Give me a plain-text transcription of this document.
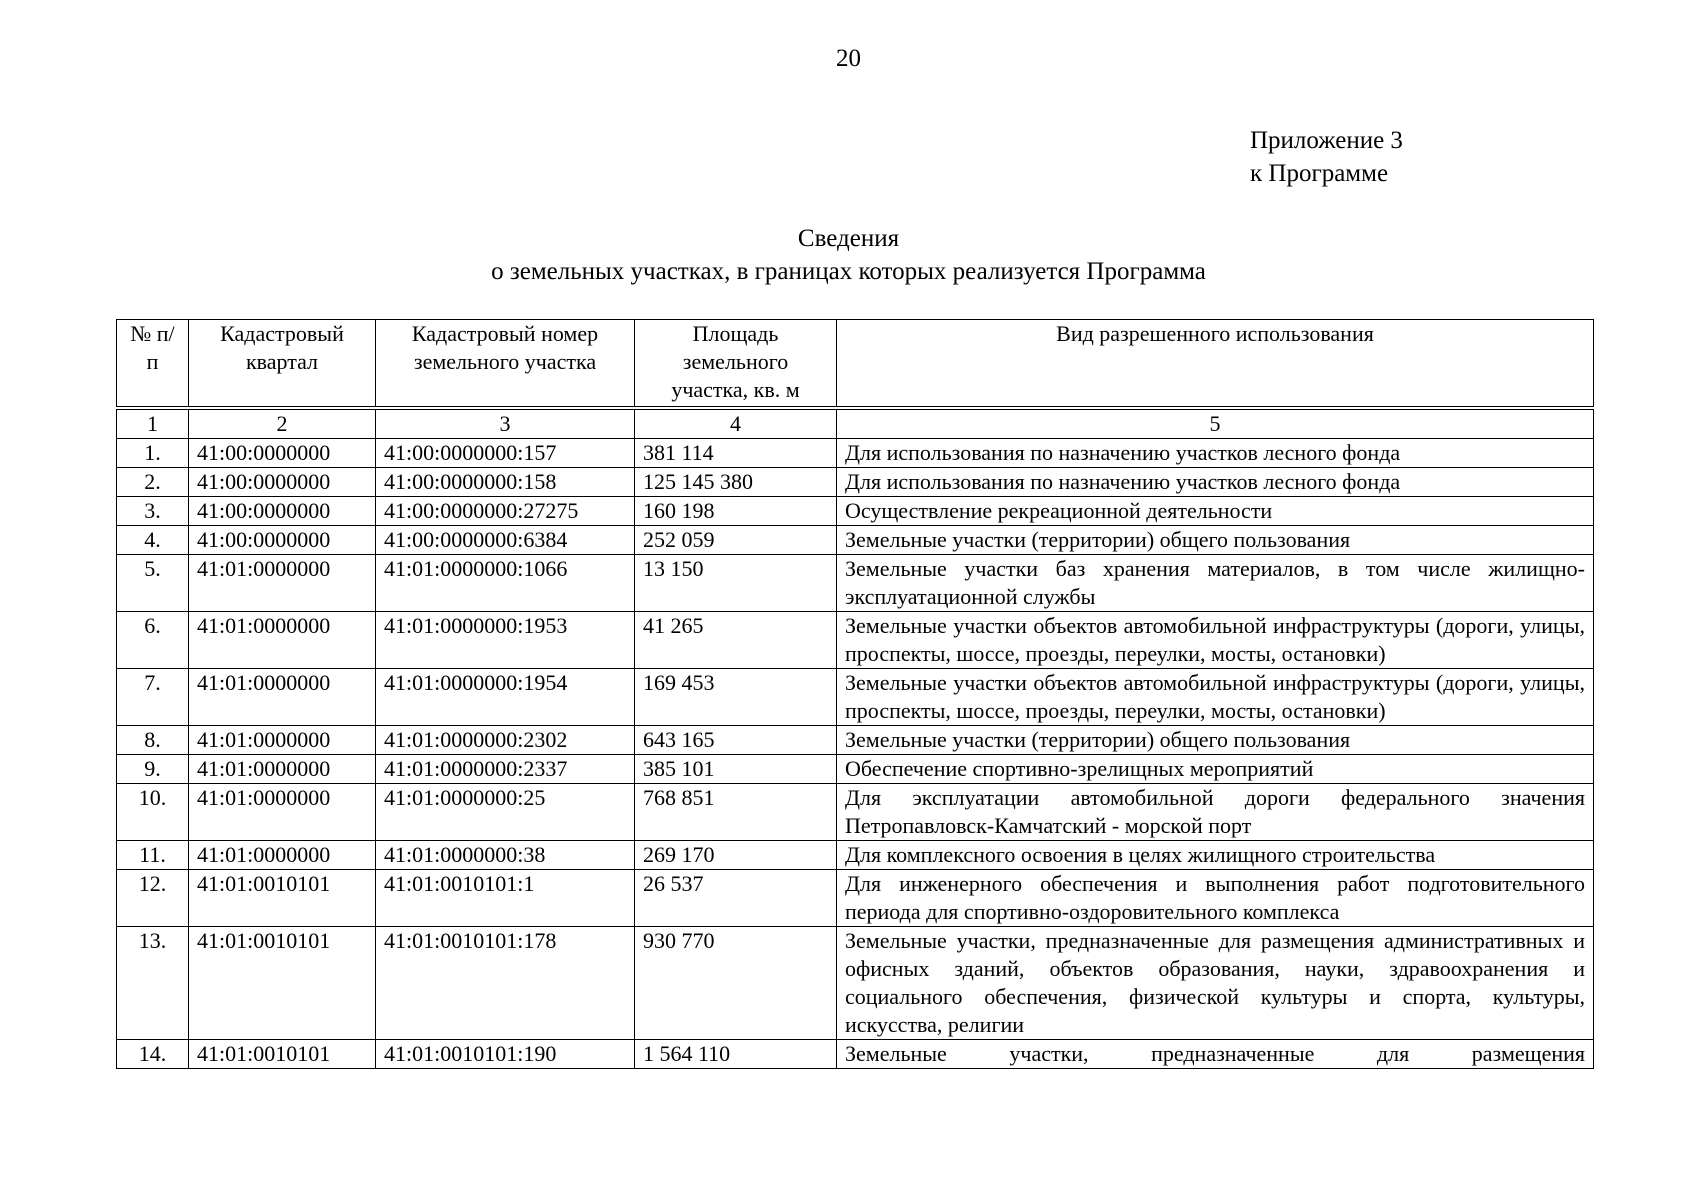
20
Приложение 3
к Программе
Сведения
о земельных участках, в границах которых реализуется Программа
№ п/п	Кадастровый квартал	Кадастровый номер земельного участка	Площадь земельного участка, кв. м	Вид разрешенного использования
1	2	3	4	5
1.	41:00:0000000	41:00:0000000:157	381 114	Для использования по назначению участков лесного фонда
2.	41:00:0000000	41:00:0000000:158	125 145 380	Для использования по назначению участков лесного фонда
3.	41:00:0000000	41:00:0000000:27275	160 198	Осуществление рекреационной деятельности
4.	41:00:0000000	41:00:0000000:6384	252 059	Земельные участки (территории) общего пользования
5.	41:01:0000000	41:01:0000000:1066	13 150	Земельные участки баз хранения материалов, в том числе жилищно-эксплуатационной службы
6.	41:01:0000000	41:01:0000000:1953	41 265	Земельные участки объектов автомобильной инфраструктуры (дороги, улицы, проспекты, шоссе, проезды, переулки, мосты, остановки)
7.	41:01:0000000	41:01:0000000:1954	169 453	Земельные участки объектов автомобильной инфраструктуры (дороги, улицы, проспекты, шоссе, проезды, переулки, мосты, остановки)
8.	41:01:0000000	41:01:0000000:2302	643 165	Земельные участки (территории) общего пользования
9.	41:01:0000000	41:01:0000000:2337	385 101	Обеспечение спортивно-зрелищных мероприятий
10.	41:01:0000000	41:01:0000000:25	768 851	Для эксплуатации автомобильной дороги федерального значения Петропавловск-Камчатский - морской порт
11.	41:01:0000000	41:01:0000000:38	269 170	Для комплексного освоения в целях жилищного строительства
12.	41:01:0010101	41:01:0010101:1	26 537	Для инженерного обеспечения и выполнения работ подготовительного периода для спортивно-оздоровительного комплекса
13.	41:01:0010101	41:01:0010101:178	930 770	Земельные участки, предназначенные для размещения административных и офисных зданий, объектов образования, науки, здравоохранения и социального обеспечения, физической культуры и спорта, культуры, искусства, религии
14.	41:01:0010101	41:01:0010101:190	1 564 110	Земельные участки, предназначенные для размещения
